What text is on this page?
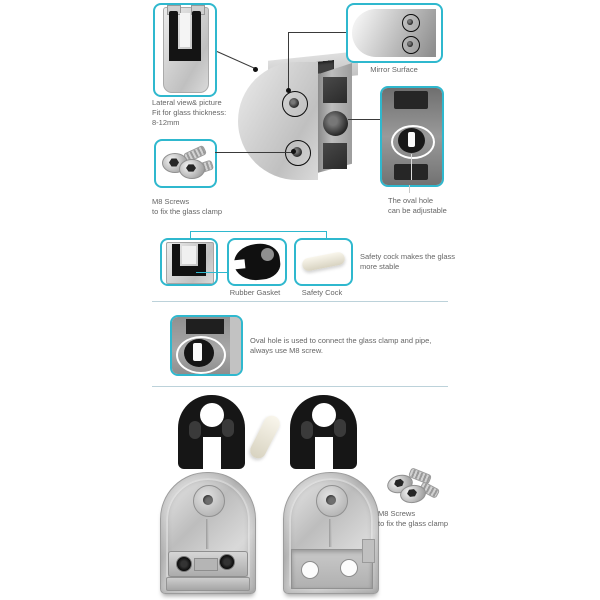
Lateral view& picture
Fit for glass thickness:
8-12mm
M8 Screws
to fix the glass clamp
Mirror Surface
The oval hole
can be adjustable
Rubber Gasket	Safety Cock
Safety cock makes the glass
more stable
Oval hole is used to connect the glass clamp and pipe,
always use M8 screw.
M8 Screws
to fix the glass clamp
